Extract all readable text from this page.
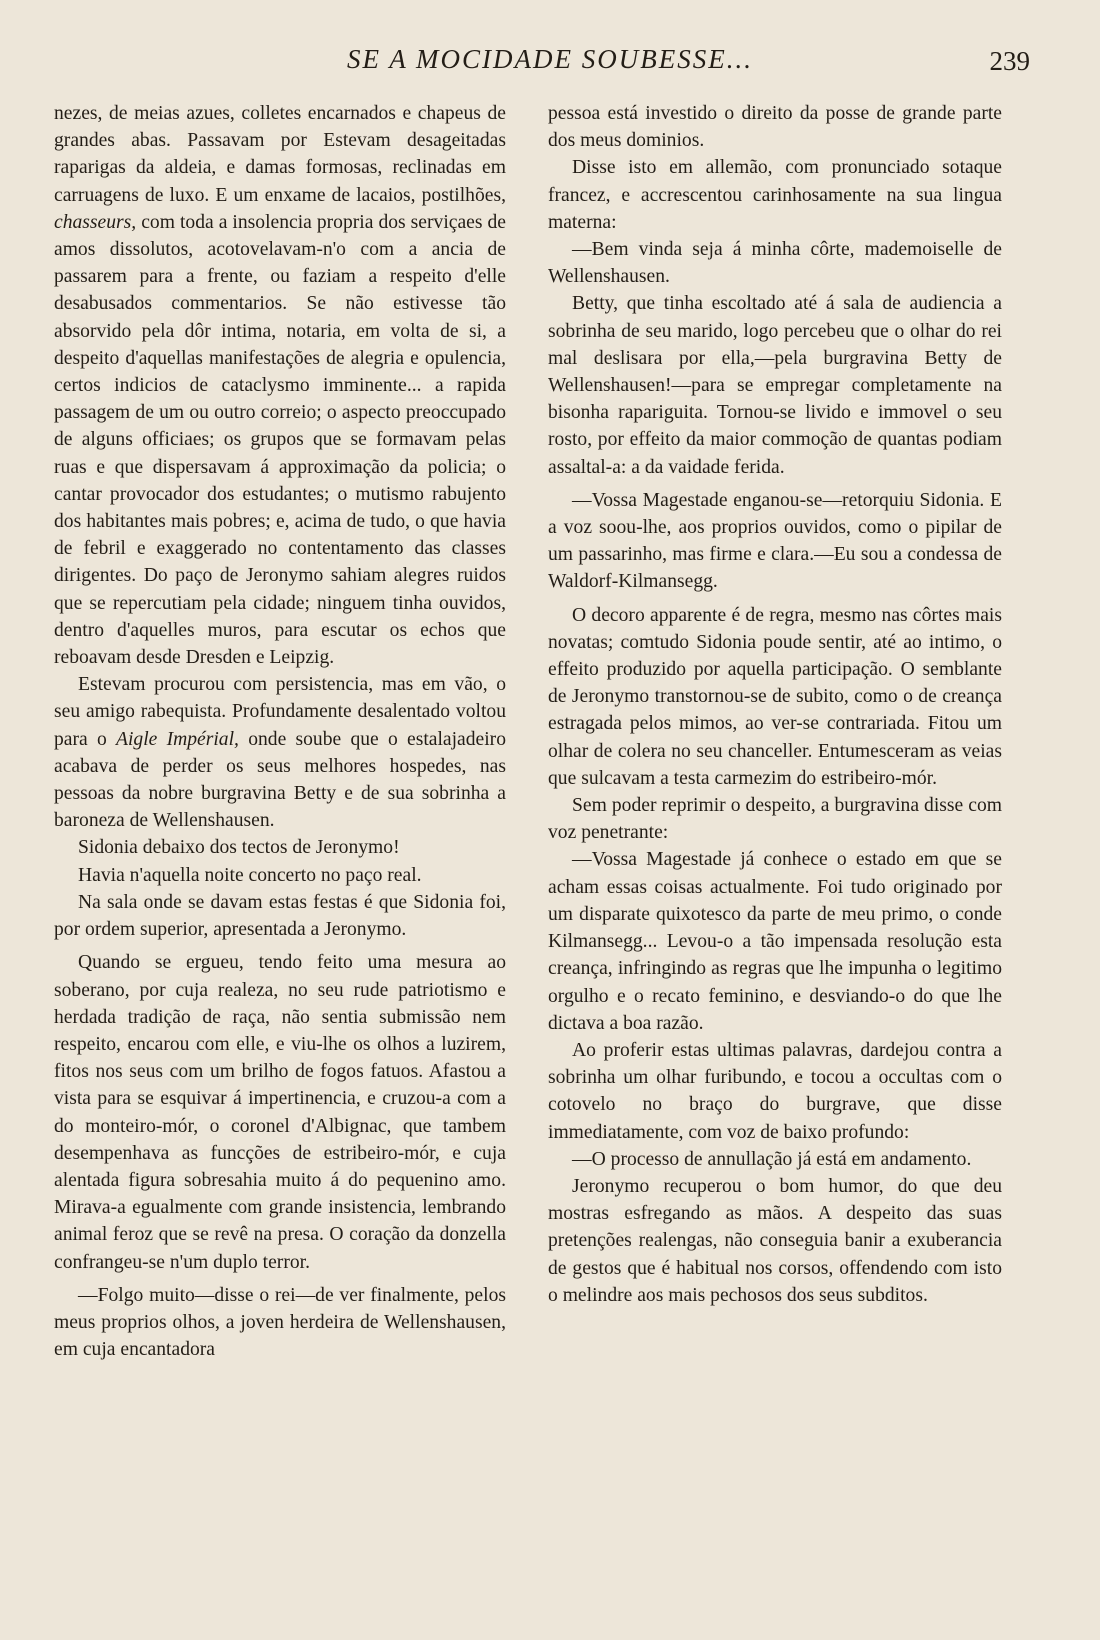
SE A MOCIDADE SOUBESSE...	239

nezes, de meias azues, colletes encarnados e chapeus de grandes abas. Passavam por Estevam desageitadas raparigas da aldeia, e damas formosas, reclinadas em carruagens de luxo. E um enxame de lacaios, postilhões, chasseurs, com toda a insolencia propria dos serviçaes de amos dissolutos, acotovelavam-n'o com a ancia de passarem para a frente, ou faziam a respeito d'elle desabusados commentarios. Se não estivesse tão absorvido pela dôr intima, notaria, em volta de si, a despeito d'aquellas manifestações de alegria e opulencia, certos indicios de cataclysmo imminente... a rapida passagem de um ou outro correio; o aspecto preoccupado de alguns officiaes; os grupos que se formavam pelas ruas e que dispersavam á approximação da policia; o cantar provocador dos estudantes; o mutismo rabujento dos habitantes mais pobres; e, acima de tudo, o que havia de febril e exaggerado no contentamento das classes dirigentes. Do paço de Jeronymo sahiam alegres ruidos que se repercutiam pela cidade; ninguem tinha ouvidos, dentro d'aquelles muros, para escutar os echos que reboavam desde Dresden e Leipzig.

Estevam procurou com persistencia, mas em vão, o seu amigo rabequista. Profundamente desalentado voltou para o Aigle Impérial, onde soube que o estalajadeiro acabava de perder os seus melhores hospedes, nas pessoas da nobre burgravina Betty e de sua sobrinha a baroneza de Wellenshausen.

Sidonia debaixo dos tectos de Jeronymo!

Havia n'aquella noite concerto no paço real.

Na sala onde se davam estas festas é que Sidonia foi, por ordem superior, apresentada a Jeronymo.

Quando se ergueu, tendo feito uma mesura ao soberano, por cuja realeza, no seu rude patriotismo e herdada tradição de raça, não sentia submissão nem respeito, encarou com elle, e viu-lhe os olhos a luzirem, fitos nos seus com um brilho de fogos fatuos. Afastou a vista para se esquivar á impertinencia, e cruzou-a com a do monteiro-mór, o coronel d'Albignac, que tambem desempenhava as funcções de estribeiro-mór, e cuja alentada figura sobresahia muito á do pequenino amo. Mirava-a egualmente com grande insistencia, lembrando animal feroz que se revê na presa. O coração da donzella confrangeu-se n'um duplo terror.

—Folgo muito—disse o rei—de ver finalmente, pelos meus proprios olhos, a joven herdeira de Wellenshausen, em cuja encantadora

pessoa está investido o direito da posse de grande parte dos meus dominios.

Disse isto em allemão, com pronunciado sotaque francez, e accrescentou carinhosamente na sua lingua materna:

—Bem vinda seja á minha côrte, mademoiselle de Wellenshausen.

Betty, que tinha escoltado até á sala de audiencia a sobrinha de seu marido, logo percebeu que o olhar do rei mal deslisara por ella,—pela burgravina Betty de Wellenshausen!—para se empregar completamente na bisonha rapariguita. Tornou-se livido e immovel o seu rosto, por effeito da maior commoção de quantas podiam assaltal-a: a da vaidade ferida.

—Vossa Magestade enganou-se—retorquiu Sidonia. E a voz soou-lhe, aos proprios ouvidos, como o pipilar de um passarinho, mas firme e clara.—Eu sou a condessa de Waldorf-Kilmansegg.

O decoro apparente é de regra, mesmo nas côrtes mais novatas; comtudo Sidonia poude sentir, até ao intimo, o effeito produzido por aquella participação. O semblante de Jeronymo transtornou-se de subito, como o de creança estragada pelos mimos, ao ver-se contrariada. Fitou um olhar de colera no seu chanceller. Entumesceram as veias que sulcavam a testa carmezim do estribeiro-mór.

Sem poder reprimir o despeito, a burgravina disse com voz penetrante:

—Vossa Magestade já conhece o estado em que se acham essas coisas actualmente. Foi tudo originado por um disparate quixotesco da parte de meu primo, o conde Kilmansegg... Levou-o a tão impensada resolução esta creança, infringindo as regras que lhe impunha o legitimo orgulho e o recato feminino, e desviando-o do que lhe dictava a boa razão.

Ao proferir estas ultimas palavras, dardejou contra a sobrinha um olhar furibundo, e tocou a occultas com o cotovelo no braço do burgrave, que disse immediatamente, com voz de baixo profundo:

—O processo de annullação já está em andamento.

Jeronymo recuperou o bom humor, do que deu mostras esfregando as mãos. A despeito das suas pretenções realengas, não conseguia banir a exuberancia de gestos que é habitual nos corsos, offendendo com isto o melindre aos mais pechosos dos seus subditos.
